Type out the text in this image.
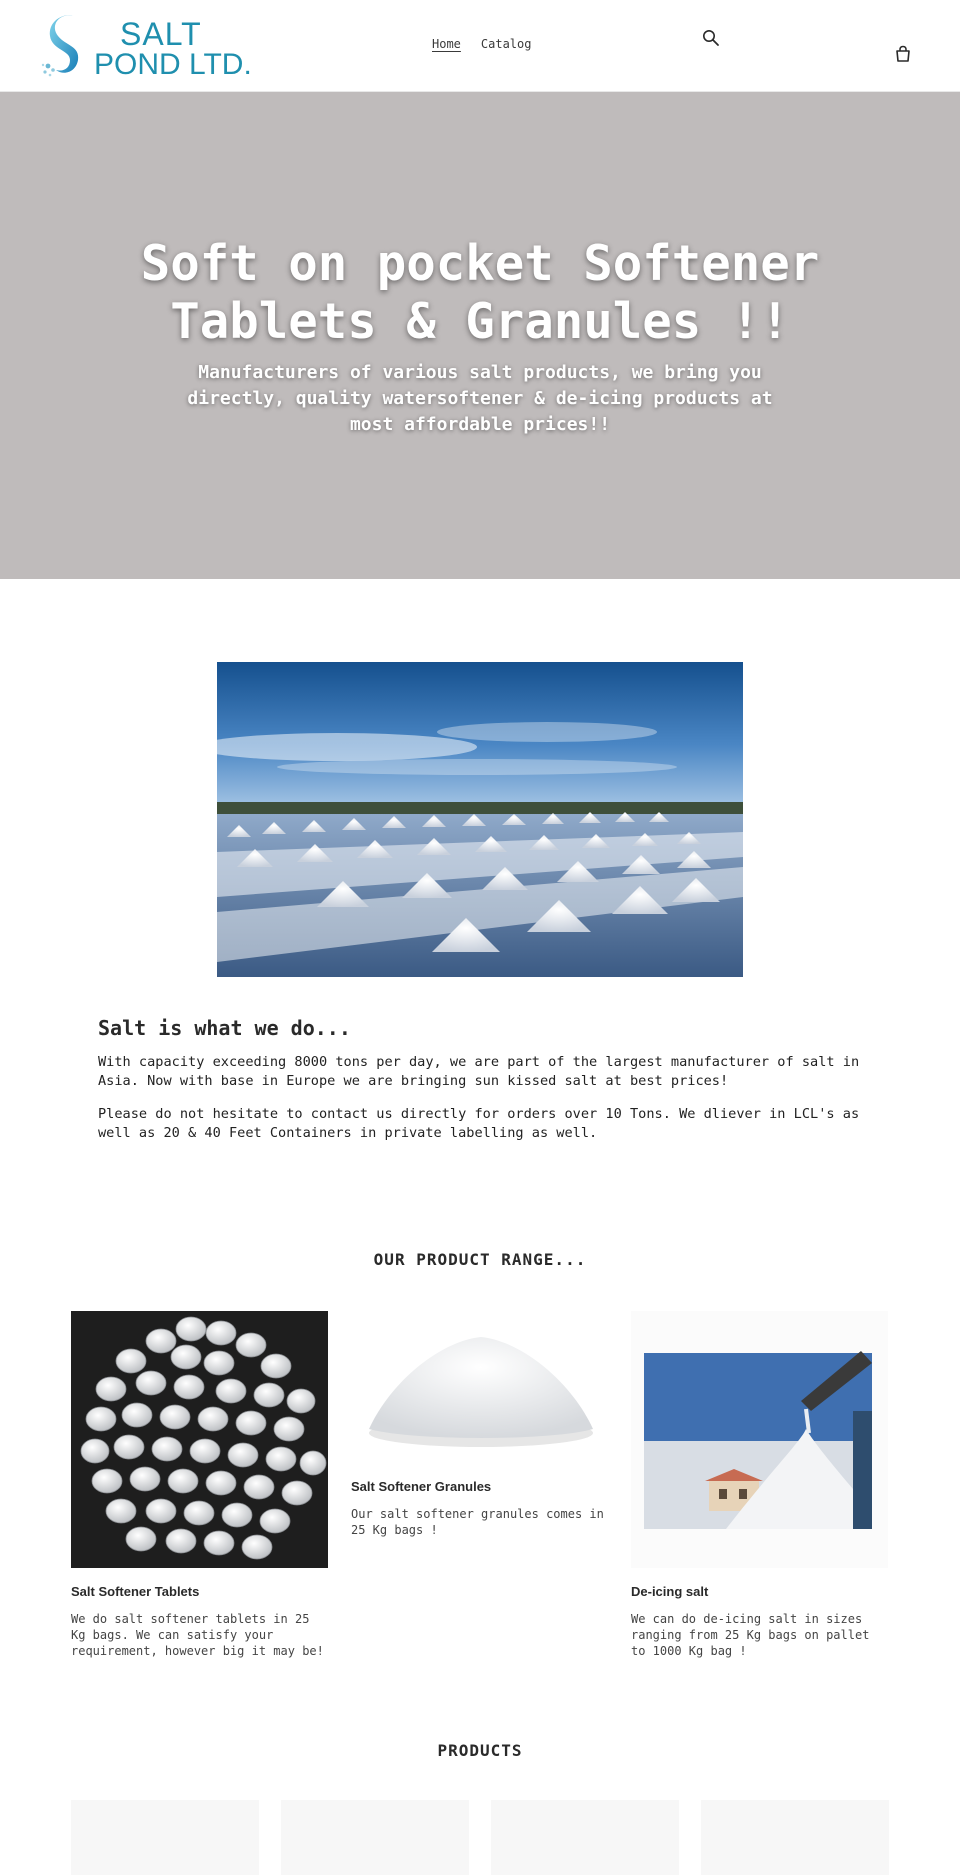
SALT
POND LTD.
Home Catalog
Soft on pocket Softener Tablets & Granules !!

Manufacturers of various salt products, we bring you directly, quality watersoftener & de-icing products at most affordable prices!!

Salt is what we do...

With capacity exceeding 8000 tons per day, we are part of the largest manufacturer of salt in Asia. Now with base in Europe we are bringing sun kissed salt at best prices!

Please do not hesitate to contact us directly for orders over 10 Tons. We dliever in LCL's as well as 20 & 40 Feet Containers in private labelling as well.

OUR PRODUCT RANGE...
Salt Softener Tablets

We do salt softener tablets in 25 Kg bags. We can satisfy your requirement, however big it may be!

Salt Softener Granules

Our salt softener granules comes in 25 Kg bags !

De-icing salt

We can do de-icing salt in sizes ranging from 25 Kg bags on pallet to 1000 Kg bag !

PRODUCTS
